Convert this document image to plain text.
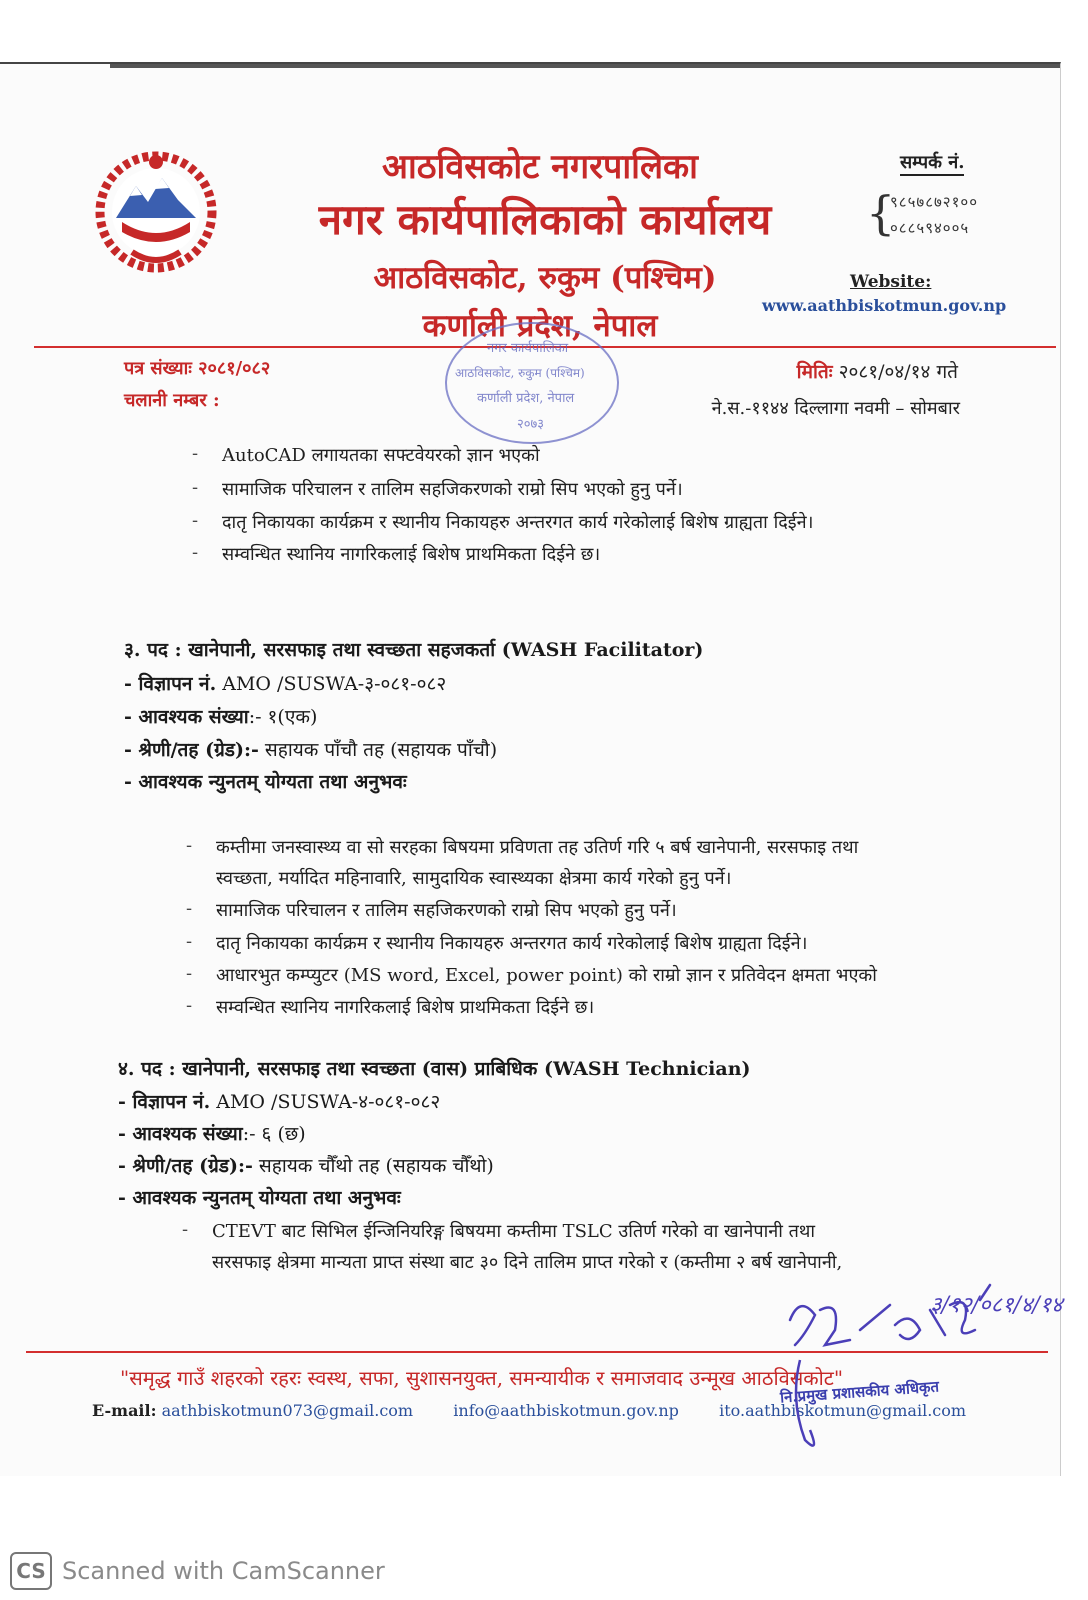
आठविसकोट नगरपालिका
नगर कार्यपालिकाको कार्यालय
आठविसकोट, रुकुम (पश्चिम)
कर्णाली प्रदेश, नेपाल
सम्पर्क नं.
{
९८५७८७२१००
०८८५९४००५
Website:
www.aathbiskotmun.gov.np
पत्र संख्याः २०८१/०८२
चलानी नम्बर :
मितिः २०८१/०४/१४ गते
ने.स.-११४४ दिल्लागा नवमी – सोमबार
नगर कार्यपालिका
आठविसकोट, रुकुम (पश्चिम)
कर्णाली प्रदेश, नेपाल
२०७३
- AutoCAD लगायतका सफ्टवेयरको ज्ञान भएको
- सामाजिक परिचालन र तालिम सहजिकरणको राम्रो सिप भएको हुनु पर्ने।
- दातृ निकायका कार्यक्रम र स्थानीय निकायहरु अन्तरगत कार्य गरेकोलाई बिशेष ग्राह्यता दिईने।
- सम्वन्धित स्थानिय नागरिकलाई बिशेष प्राथमिकता दिईने छ।
३. पद : खानेपानी, सरसफाइ तथा स्वच्छता सहजकर्ता (WASH Facilitator)
- विज्ञापन नं. AMO /SUSWA-३-०८१-०८२
- आवश्यक संख्या:- १(एक)
- श्रेणी/तह (ग्रेड):- सहायक पाँचौ तह (सहायक पाँचौ)
- आवश्यक न्युनतम् योग्यता तथा अनुभवः
- कम्तीमा जनस्वास्थ्य वा सो सरहका बिषयमा प्रविणता तह उतिर्ण गरि ५ बर्ष खानेपानी, सरसफाइ तथा
स्वच्छता, मर्यादित महिनावारि, सामुदायिक स्वास्थ्यका क्षेत्रमा कार्य गरेको हुनु पर्ने।
- सामाजिक परिचालन र तालिम सहजिकरणको राम्रो सिप भएको हुनु पर्ने।
- दातृ निकायका कार्यक्रम र स्थानीय निकायहरु अन्तरगत कार्य गरेकोलाई बिशेष ग्राह्यता दिईने।
- आधारभुत कम्प्युटर (MS word, Excel, power point) को राम्रो ज्ञान र प्रतिवेदन क्षमता भएको
- सम्वन्धित स्थानिय नागरिकलाई बिशेष प्राथमिकता दिईने छ।
४. पद : खानेपानी, सरसफाइ तथा स्वच्छता (वास) प्राबिधिक (WASH Technician)
- विज्ञापन नं. AMO /SUSWA-४-०८१-०८२
- आवश्यक संख्या:- ६ (छ)
- श्रेणी/तह (ग्रेड):- सहायक चौँथो तह (सहायक चौँथो)
- आवश्यक न्युनतम् योग्यता तथा अनुभवः
- CTEVT बाट सिभिल ईन्जिनियरिङ्ग बिषयमा कम्तीमा TSLC उतिर्ण गरेको वा खानेपानी तथा
सरसफाइ क्षेत्रमा मान्यता प्राप्त संस्था बाट ३० दिने तालिम प्राप्त गरेको र (कम्तीमा २ बर्ष खानेपानी,
"समृद्ध गाउँ शहरको रहरः स्वस्थ, सफा, सुशासनयुक्त, समन्यायीक र समाजवाद उन्मूख आठविसकोट"
E-mail: aathbiskotmun073@gmail.com	info@aathbiskotmun.gov.np	ito.aathbiskotmun@gmail.com
३/१२/०८१/४/१४
नि.प्रमुख प्रशासकीय अधिकृत
CS Scanned with CamScanner
